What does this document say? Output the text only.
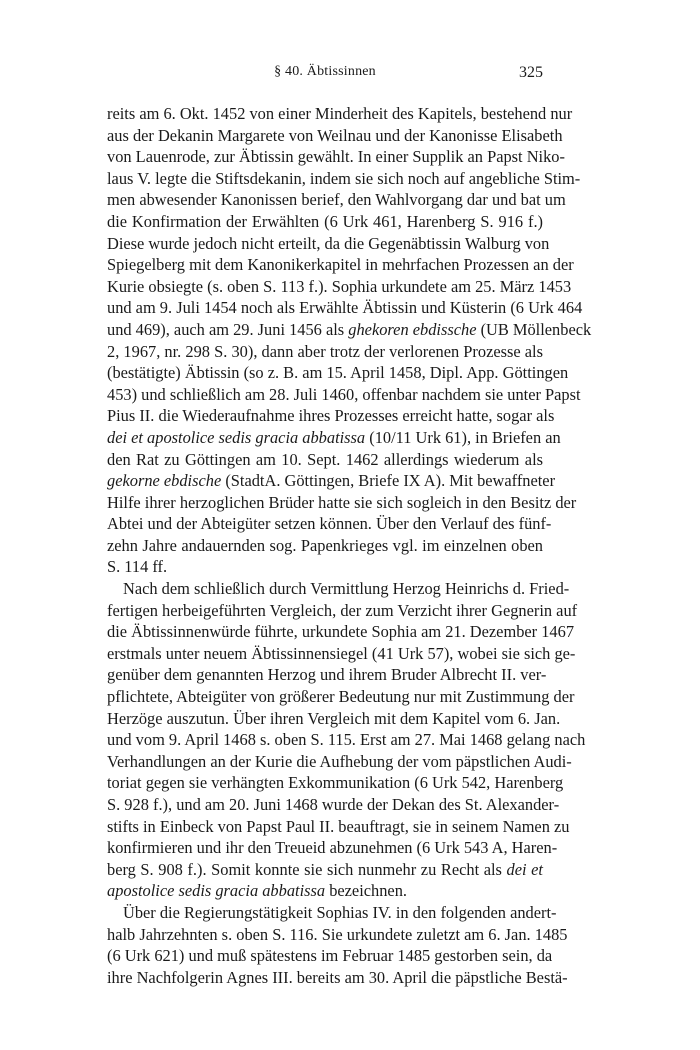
§ 40. Äbtissinnen	325
reits am 6. Okt. 1452 von einer Minderheit des Kapitels, bestehend nur
aus der Dekanin Margarete von Weilnau und der Kanonisse Elisabeth
von Lauenrode, zur Äbtissin gewählt. In einer Supplik an Papst Niko-
laus V. legte die Stiftsdekanin, indem sie sich noch auf angebliche Stim-
men abwesender Kanonissen berief, den Wahlvorgang dar und bat um
die Konfirmation der Erwählten (6 Urk 461, Harenberg S. 916 f.)
Diese wurde jedoch nicht erteilt, da die Gegenäbtissin Walburg von
Spiegelberg mit dem Kanonikerkapitel in mehrfachen Prozessen an der
Kurie obsiegte (s. oben S. 113 f.). Sophia urkundete am 25. März 1453
und am 9. Juli 1454 noch als Erwählte Äbtissin und Küsterin (6 Urk 464
und 469), auch am 29. Juni 1456 als ghekoren ebdissche (UB Möllenbeck
2, 1967, nr. 298 S. 30), dann aber trotz der verlorenen Prozesse als
(bestätigte) Äbtissin (so z. B. am 15. April 1458, Dipl. App. Göttingen
453) und schließlich am 28. Juli 1460, offenbar nachdem sie unter Papst
Pius II. die Wiederaufnahme ihres Prozesses erreicht hatte, sogar als
dei et apostolice sedis gracia abbatissa (10/11 Urk 61), in Briefen an
den Rat zu Göttingen am 10. Sept. 1462 allerdings wiederum als
gekorne ebdische (StadtA. Göttingen, Briefe IX A). Mit bewaffneter
Hilfe ihrer herzoglichen Brüder hatte sie sich sogleich in den Besitz der
Abtei und der Abteigüter setzen können. Über den Verlauf des fünf-
zehn Jahre andauernden sog. Papenkrieges vgl. im einzelnen oben
S. 114 ff.
Nach dem schließlich durch Vermittlung Herzog Heinrichs d. Fried-
fertigen herbeigeführten Vergleich, der zum Verzicht ihrer Gegnerin auf
die Äbtissinnenwürde führte, urkundete Sophia am 21. Dezember 1467
erstmals unter neuem Äbtissinnensiegel (41 Urk 57), wobei sie sich ge-
genüber dem genannten Herzog und ihrem Bruder Albrecht II. ver-
pflichtete, Abteigüter von größerer Bedeutung nur mit Zustimmung der
Herzöge auszutun. Über ihren Vergleich mit dem Kapitel vom 6. Jan.
und vom 9. April 1468 s. oben S. 115. Erst am 27. Mai 1468 gelang nach
Verhandlungen an der Kurie die Aufhebung der vom päpstlichen Audi-
toriat gegen sie verhängten Exkommunikation (6 Urk 542, Harenberg
S. 928 f.), und am 20. Juni 1468 wurde der Dekan des St. Alexander-
stifts in Einbeck von Papst Paul II. beauftragt, sie in seinem Namen zu
konfirmieren und ihr den Treueid abzunehmen (6 Urk 543 A, Haren-
berg S. 908 f.). Somit konnte sie sich nunmehr zu Recht als dei et
apostolice sedis gracia abbatissa bezeichnen.
Über die Regierungstätigkeit Sophias IV. in den folgenden andert-
halb Jahrzehnten s. oben S. 116. Sie urkundete zuletzt am 6. Jan. 1485
(6 Urk 621) und muß spätestens im Februar 1485 gestorben sein, da
ihre Nachfolgerin Agnes III. bereits am 30. April die päpstliche Bestä-
